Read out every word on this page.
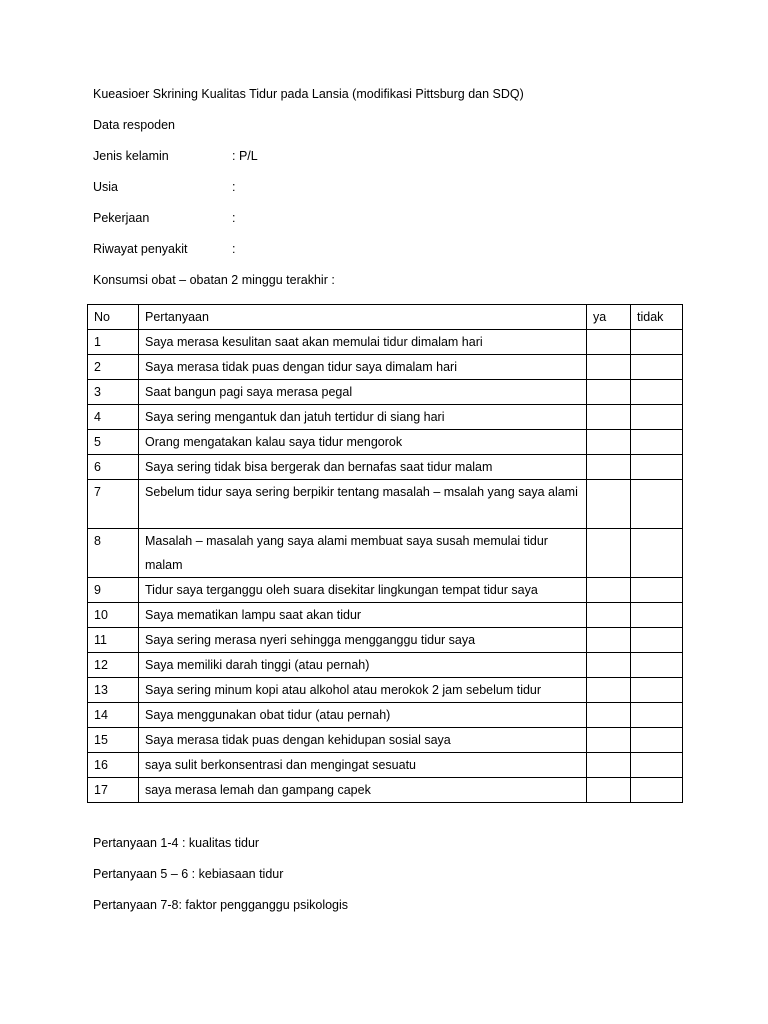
Kueasioer Skrining Kualitas Tidur pada Lansia (modifikasi Pittsburg dan SDQ)
Data respoden
Jenis kelamin	: P/L
Usia	:
Pekerjaan	:
Riwayat penyakit	:
Konsumsi obat – obatan 2 minggu terakhir :
No	Pertanyaan	ya	tidak
1	Saya merasa kesulitan saat akan memulai tidur dimalam hari		
2	Saya merasa tidak puas dengan tidur saya dimalam hari		
3	Saat bangun pagi saya merasa pegal		
4	Saya sering mengantuk dan jatuh tertidur di siang hari		
5	Orang mengatakan kalau saya tidur mengorok		
6	Saya sering tidak bisa bergerak dan bernafas saat tidur malam		
7	Sebelum tidur saya sering berpikir tentang masalah – msalah yang saya alami		
8	Masalah – masalah yang saya alami membuat saya susah memulai tidur malam		
9	Tidur saya terganggu oleh suara disekitar lingkungan tempat tidur saya		
10	Saya mematikan lampu saat akan tidur		
11	Saya sering merasa nyeri sehingga mengganggu tidur saya		
12	Saya memiliki darah tinggi (atau pernah)		
13	Saya sering minum kopi atau alkohol atau merokok 2 jam sebelum tidur		
14	Saya menggunakan obat tidur (atau pernah)		
15	Saya merasa tidak puas dengan kehidupan sosial saya		
16	saya sulit berkonsentrasi dan mengingat sesuatu		
17	saya merasa lemah dan gampang capek		
Pertanyaan 1-4 : kualitas tidur
Pertanyaan 5 – 6 : kebiasaan tidur
Pertanyaan 7-8: faktor pengganggu psikologis
